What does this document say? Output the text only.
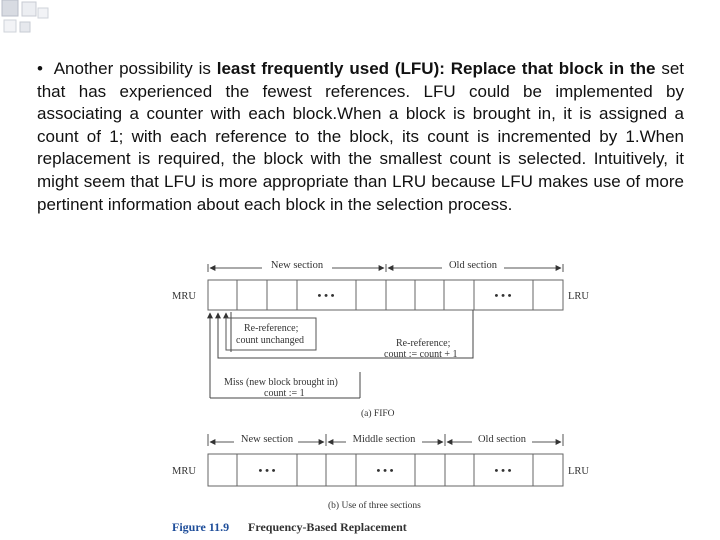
• Another possibility is least frequently used (LFU): Replace that block in the set that has experienced the fewest references. LFU could be implemented by associating a counter with each block.When a block is brought in, it is assigned a count of 1; with each reference to the block, its count is incremented by 1.When replacement is required, the block with the smallest count is selected. Intuitively, it might seem that LFU is more appropriate than LRU because LFU makes use of more pertinent information about each block in the selection process.

New section	Old section
• • •	• • •
MRU	LRU
Re-reference;
count unchanged	Re-reference;
count := count + 1
Miss (new block brought in)
count := 1
(a) FIFO
New section	Middle section	Old section
• • •	• • •	• • •
MRU	LRU
(b) Use of three sections
Figure 11.9 Frequency-Based Replacement
